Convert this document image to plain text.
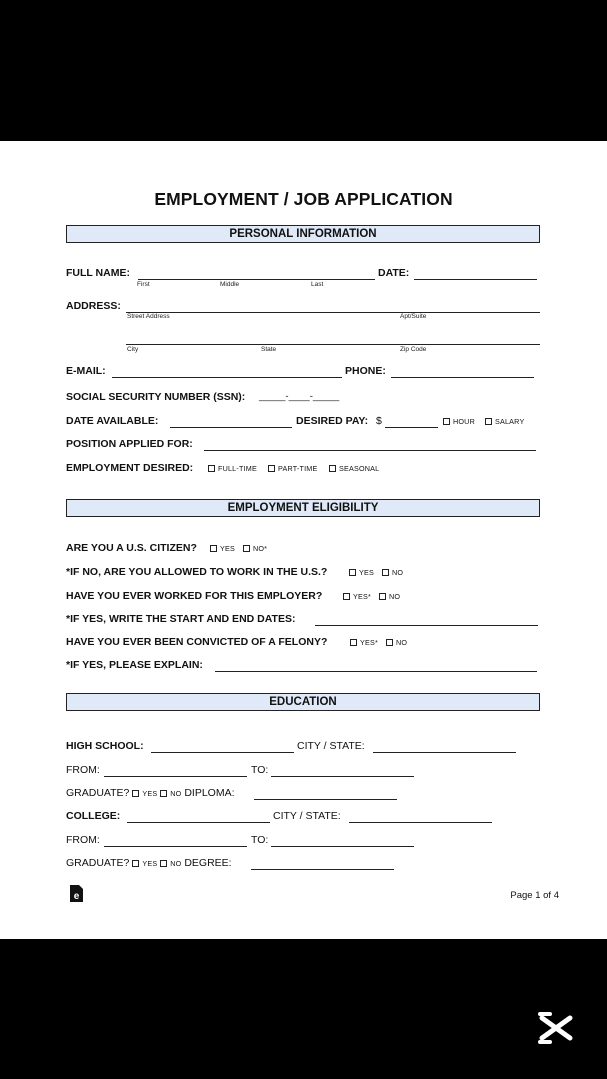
EMPLOYMENT / JOB APPLICATION
PERSONAL INFORMATION
FULL NAME:
First	Middle	Last
DATE:
ADDRESS:
Street Address	Apt/Suite
City	State	Zip Code
E-MAIL:	PHONE:
SOCIAL SECURITY NUMBER (SSN): _____-____-_____
DATE AVAILABLE:	DESIRED PAY: $	HOUR	SALARY
POSITION APPLIED FOR:
EMPLOYMENT DESIRED:	FULL-TIME	PART-TIME	SEASONAL
EMPLOYMENT ELIGIBILITY
ARE YOU A U.S. CITIZEN?	YES	NO*
*IF NO, ARE YOU ALLOWED TO WORK IN THE U.S.?	YES	NO
HAVE YOU EVER WORKED FOR THIS EMPLOYER?	YES*	NO
*IF YES, WRITE THE START AND END DATES:
HAVE YOU EVER BEEN CONVICTED OF A FELONY?	YES*	NO
*IF YES, PLEASE EXPLAIN:
EDUCATION
HIGH SCHOOL:	CITY / STATE:
FROM:	TO:
GRADUATE? YES NO DIPLOMA:
COLLEGE:	CITY / STATE:
FROM:	TO:
GRADUATE? YES NO DEGREE:
e	Page 1 of 4
